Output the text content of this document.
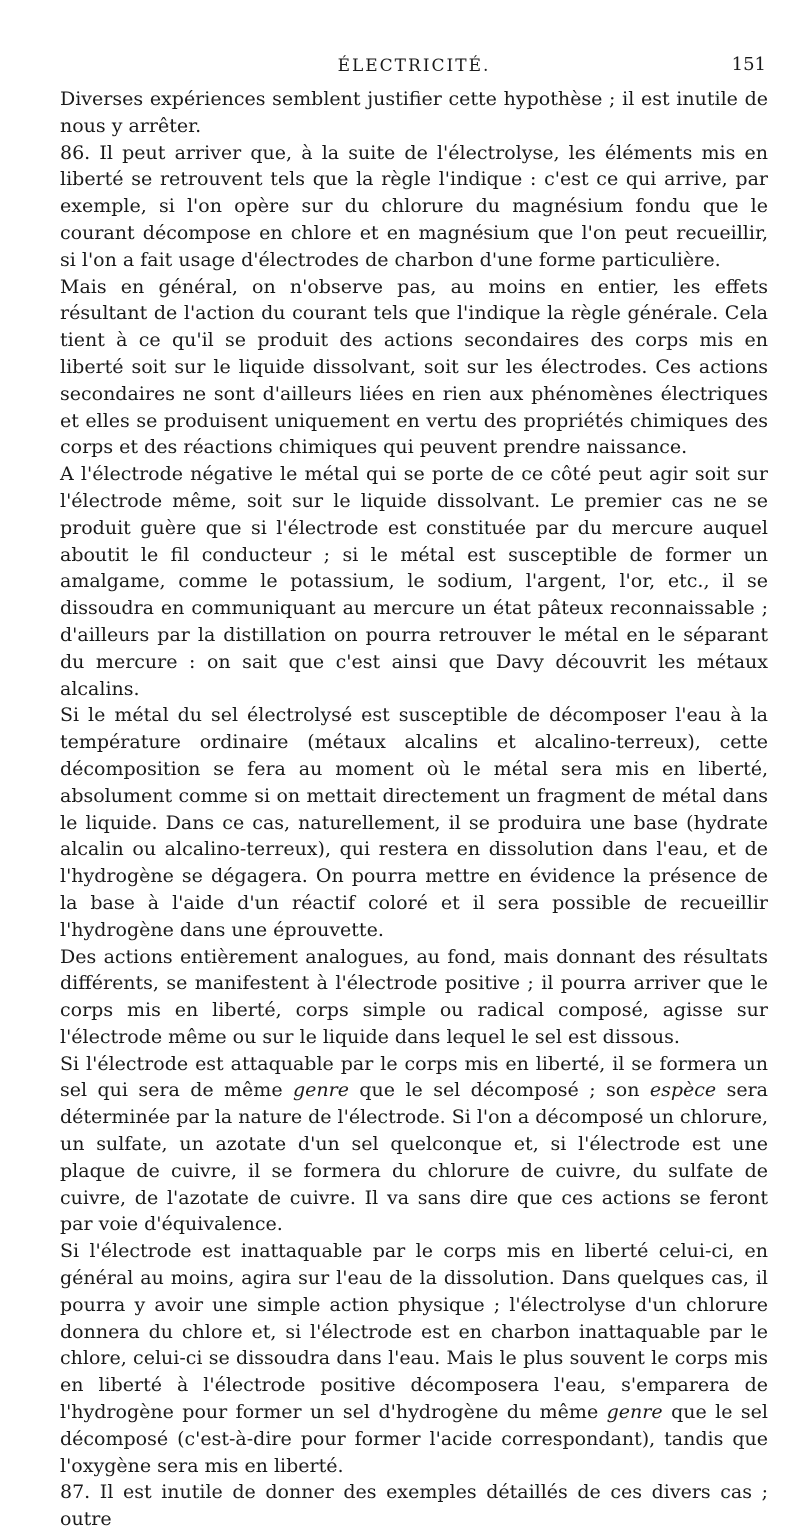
ÉLECTRICITÉ.	151

Diverses expériences semblent justifier cette hypothèse ; il est inutile de nous y arrêter.

86. Il peut arriver que, à la suite de l'électrolyse, les éléments mis en liberté se retrouvent tels que la règle l'indique : c'est ce qui arrive, par exemple, si l'on opère sur du chlorure du magnésium fondu que le courant décompose en chlore et en magnésium que l'on peut recueillir, si l'on a fait usage d'électrodes de charbon d'une forme particulière.

Mais en général, on n'observe pas, au moins en entier, les effets résultant de l'action du courant tels que l'indique la règle générale. Cela tient à ce qu'il se produit des actions secondaires des corps mis en liberté soit sur le liquide dissolvant, soit sur les électrodes. Ces actions secondaires ne sont d'ailleurs liées en rien aux phénomènes électriques et elles se produisent uniquement en vertu des propriétés chimiques des corps et des réactions chimiques qui peuvent prendre naissance.

A l'électrode négative le métal qui se porte de ce côté peut agir soit sur l'électrode même, soit sur le liquide dissolvant. Le premier cas ne se produit guère que si l'électrode est constituée par du mercure auquel aboutit le fil conducteur ; si le métal est susceptible de former un amalgame, comme le potassium, le sodium, l'argent, l'or, etc., il se dissoudra en communiquant au mercure un état pâteux reconnaissable ; d'ailleurs par la distillation on pourra retrouver le métal en le séparant du mercure : on sait que c'est ainsi que Davy découvrit les métaux alcalins.

Si le métal du sel électrolysé est susceptible de décomposer l'eau à la température ordinaire (métaux alcalins et alcalino-terreux), cette décomposition se fera au moment où le métal sera mis en liberté, absolument comme si on mettait directement un fragment de métal dans le liquide. Dans ce cas, naturellement, il se produira une base (hydrate alcalin ou alcalino-terreux), qui restera en dissolution dans l'eau, et de l'hydrogène se dégagera. On pourra mettre en évidence la présence de la base à l'aide d'un réactif coloré et il sera possible de recueillir l'hydrogène dans une éprouvette.

Des actions entièrement analogues, au fond, mais donnant des résultats différents, se manifestent à l'électrode positive ; il pourra arriver que le corps mis en liberté, corps simple ou radical composé, agisse sur l'électrode même ou sur le liquide dans lequel le sel est dissous.

Si l'électrode est attaquable par le corps mis en liberté, il se formera un sel qui sera de même genre que le sel décomposé ; son espèce sera déterminée par la nature de l'électrode. Si l'on a décomposé un chlorure, un sulfate, un azotate d'un sel quelconque et, si l'électrode est une plaque de cuivre, il se formera du chlorure de cuivre, du sulfate de cuivre, de l'azotate de cuivre. Il va sans dire que ces actions se feront par voie d'équivalence.

Si l'électrode est inattaquable par le corps mis en liberté celui-ci, en général au moins, agira sur l'eau de la dissolution. Dans quelques cas, il pourra y avoir une simple action physique ; l'électrolyse d'un chlorure donnera du chlore et, si l'électrode est en charbon inattaquable par le chlore, celui-ci se dissoudra dans l'eau. Mais le plus souvent le corps mis en liberté à l'électrode positive décomposera l'eau, s'emparera de l'hydrogène pour former un sel d'hydrogène du même genre que le sel décomposé (c'est-à-dire pour former l'acide correspondant), tandis que l'oxygène sera mis en liberté.

87. Il est inutile de donner des exemples détaillés de ces divers cas ; outre
